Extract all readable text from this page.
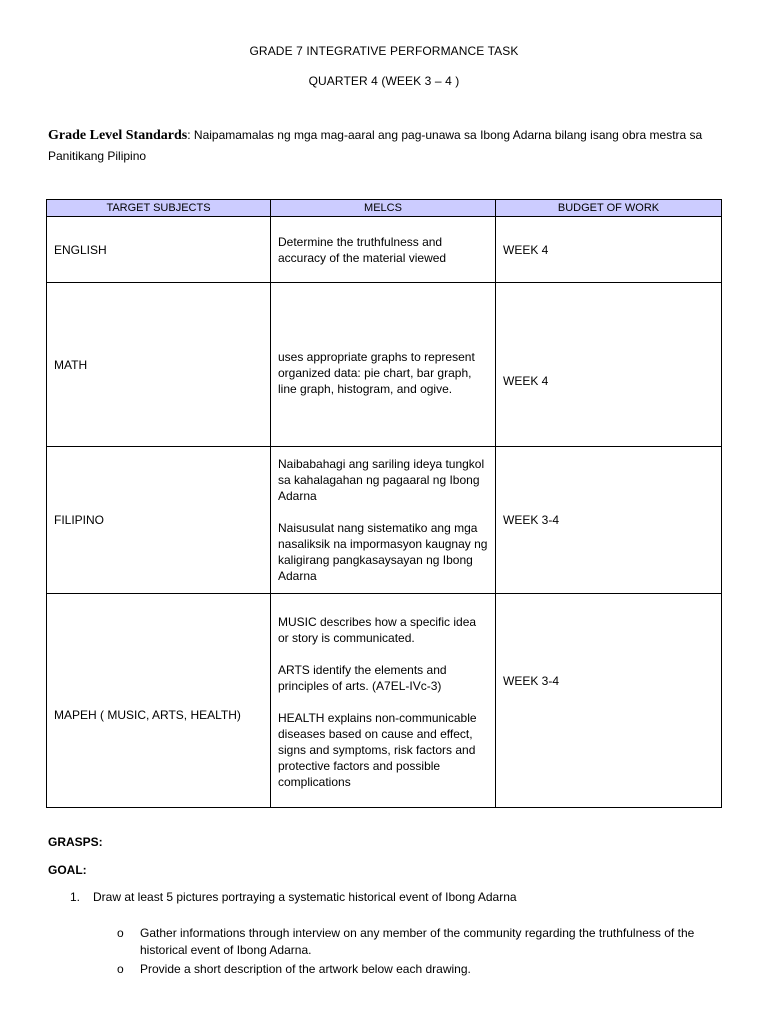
GRADE 7 INTEGRATIVE PERFORMANCE TASK
QUARTER 4 (WEEK 3 – 4 )
Grade Level Standards: Naipamamalas ng mga mag-aaral ang pag-unawa sa Ibong Adarna bilang isang obra mestra sa Panitikang Pilipino
TARGET SUBJECTS	MELCS	BUDGET OF WORK
ENGLISH	Determine the truthfulness and accuracy of the material viewed	WEEK 4
MATH	uses appropriate graphs to represent organized data: pie chart, bar graph, line graph, histogram, and ogive.	WEEK 4

FILIPINO	Naibabahagi ang sariling ideya tungkol sa kahalagahan ng pagaaral ng Ibong Adarna

Naisusulat nang sistematiko ang mga nasaliksik na impormasyon kaugnay ng kaligirang pangkasaysayan ng Ibong Adarna	WEEK 3-4

MAPEH ( MUSIC, ARTS, HEALTH)	MUSIC describes how a specific idea or story is communicated.

ARTS identify the elements and principles of arts. (A7EL-IVc-3)

HEALTH explains non-communicable diseases based on cause and effect, signs and symptoms, risk factors and protective factors and possible complications	WEEK 3-4
GRASPS:
GOAL:
1. Draw at least 5 pictures portraying a systematic historical event of Ibong Adarna
o Gather informations through interview on any member of the community regarding the truthfulness of the historical event of Ibong Adarna.
o Provide a short description of the artwork below each drawing.
